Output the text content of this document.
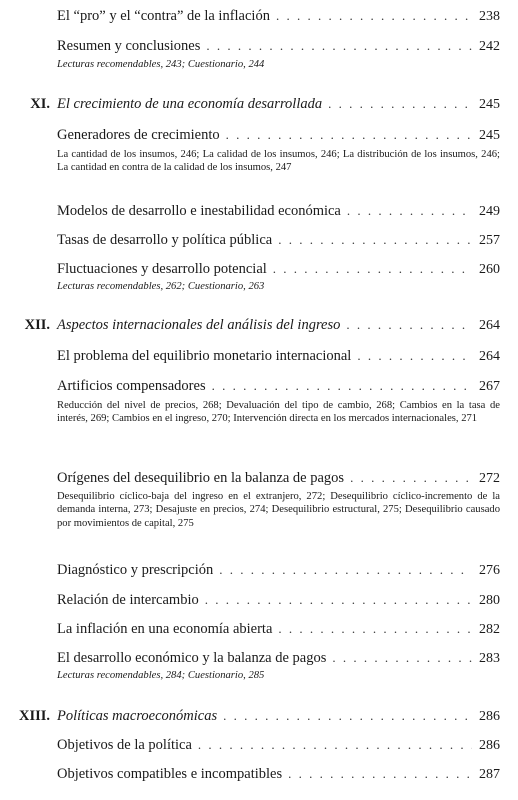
El “pro” y el “contra” de la inflación . . .	238
Resumen y conclusiones . . .	242
Lecturas recomendables, 243; Cuestionario, 244
XI. El crecimiento de una economía desarrollada . . .	245
Generadores de crecimiento . . .	245
La cantidad de los insumos, 246; La calidad de los insumos, 246; La distribución de los insumos, 246; La cantidad en contra de la calidad de los insumos, 247
Modelos de desarrollo e inestabilidad económica . . .	249
Tasas de desarrollo y política pública . . .	257
Fluctuaciones y desarrollo potencial . . .	260
Lecturas recomendables, 262; Cuestionario, 263
XII. Aspectos internacionales del análisis del ingreso . . .	264
El problema del equilibrio monetario internacional . . .	264
Artificios compensadores . . .	267
Reducción del nivel de precios, 268; Devaluación del tipo de cambio, 268; Cambios en la tasa de interés, 269; Cambios en el ingreso, 270; Intervención directa en los mercados internacionales, 271
Orígenes del desequilibrio en la balanza de pagos . . .	272
Desequilibrio cíclico-baja del ingreso en el extranjero, 272; Desequilibrio cíclico-incremento de la demanda interna, 273; Desajuste en precios, 274; Desequilibrio estructural, 275; Desequilibrio causado por movimientos de capital, 275
Diagnóstico y prescripción . . .	276
Relación de intercambio . . .	280
La inflación en una economía abierta . . .	282
El desarrollo económico y la balanza de pagos . . .	283
Lecturas recomendables, 284; Cuestionario, 285
XIII. Políticas macroeconómicas . . .	286
Objetivos de la política . . .	286
Objetivos compatibles e incompatibles . . .	287
